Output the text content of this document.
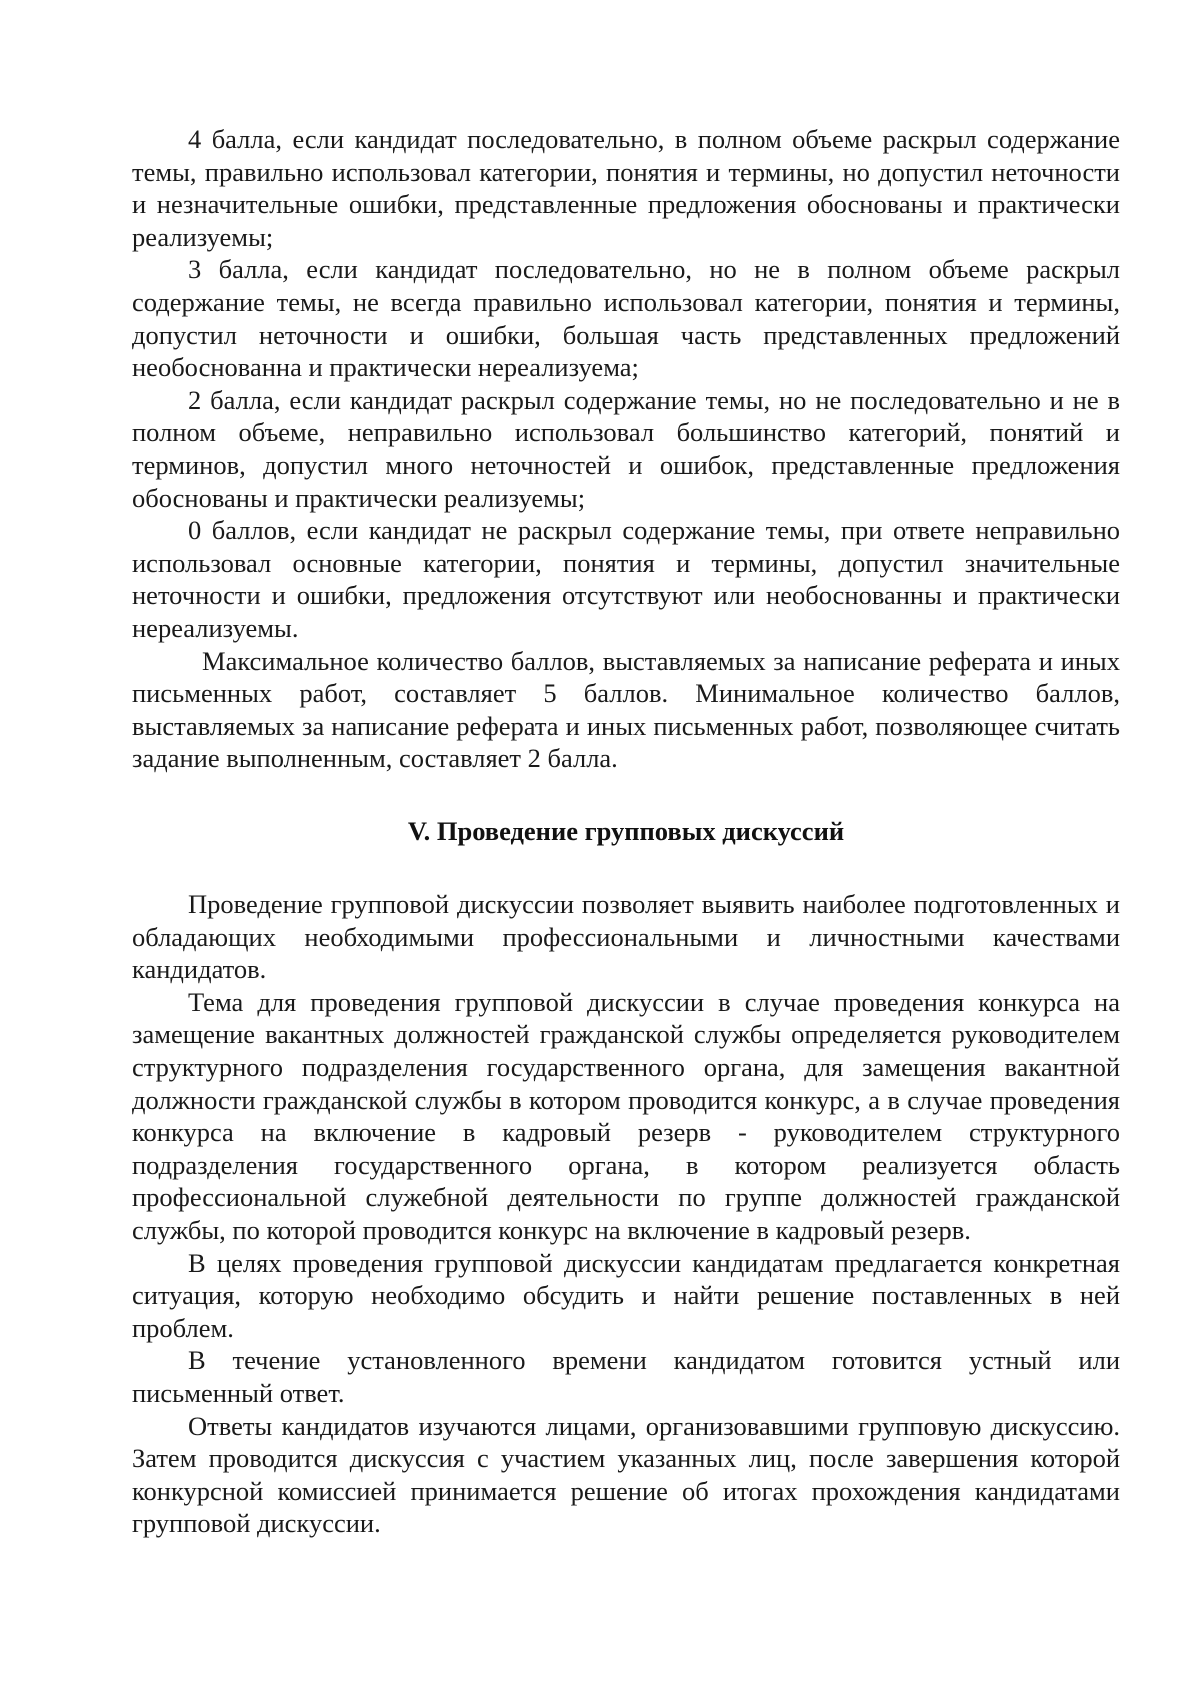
4 балла, если кандидат последовательно, в полном объеме раскрыл содержание темы, правильно использовал категории, понятия и термины, но допустил неточности и незначительные ошибки, представленные предложения обоснованы и практически реализуемы;

3 балла, если кандидат последовательно, но не в полном объеме раскрыл содержание темы, не всегда правильно использовал категории, понятия и термины, допустил неточности и ошибки, большая часть представленных предложений необоснованна и практически нереализуема;

2 балла, если кандидат раскрыл содержание темы, но не последовательно и не в полном объеме, неправильно использовал большинство категорий, понятий и терминов, допустил много неточностей и ошибок, представленные предложения обоснованы и практически реализуемы;

0 баллов, если кандидат не раскрыл содержание темы, при ответе неправильно использовал основные категории, понятия и термины, допустил значительные неточности и ошибки, предложения отсутствуют или необоснованны и практически нереализуемы.

Максимальное количество баллов, выставляемых за написание реферата и иных письменных работ, составляет 5 баллов. Минимальное количество баллов, выставляемых за написание реферата и иных письменных работ, позволяющее считать задание выполненным, составляет 2 балла.

V. Проведение групповых дискуссий

Проведение групповой дискуссии позволяет выявить наиболее подготовленных и обладающих необходимыми профессиональными и личностными качествами кандидатов.

Тема для проведения групповой дискуссии в случае проведения конкурса на замещение вакантных должностей гражданской службы определяется руководителем структурного подразделения государственного органа, для замещения вакантной должности гражданской службы в котором проводится конкурс, а в случае проведения конкурса на включение в кадровый резерв - руководителем структурного подразделения государственного органа, в котором реализуется область профессиональной служебной деятельности по группе должностей гражданской службы, по которой проводится конкурс на включение в кадровый резерв.

В целях проведения групповой дискуссии кандидатам предлагается конкретная ситуация, которую необходимо обсудить и найти решение поставленных в ней проблем.

В течение установленного времени кандидатом готовится устный или письменный ответ.

Ответы кандидатов изучаются лицами, организовавшими групповую дискуссию. Затем проводится дискуссия с участием указанных лиц, после завершения которой конкурсной комиссией принимается решение об итогах прохождения кандидатами групповой дискуссии.
